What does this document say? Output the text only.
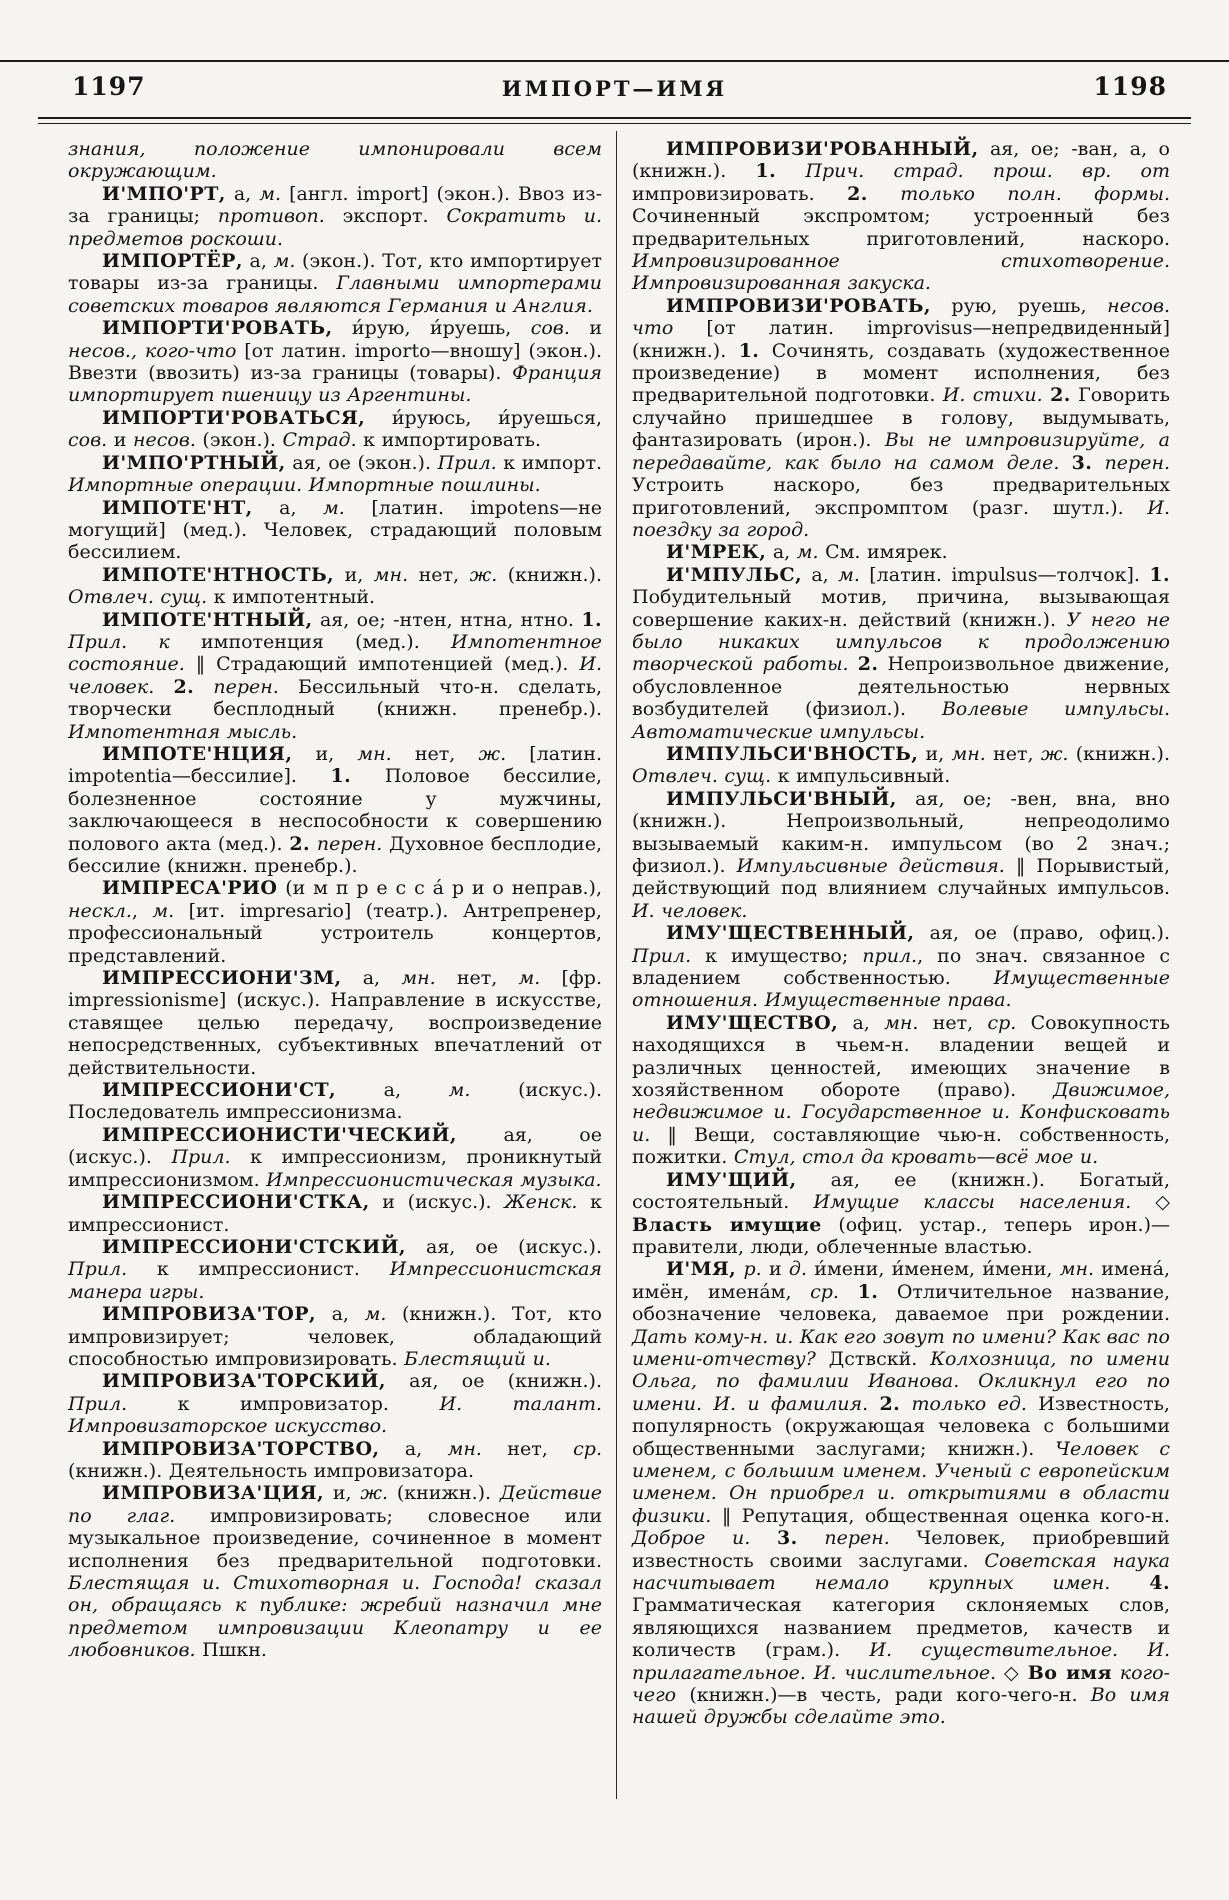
1197	ИМПОРТ—ИМЯ	1198

знания, положение импонировали всем окружающим.

И'МПО'РТ, а, м. [англ. import] (экон.). Ввоз из-за границы; противоп. экспорт. Сократить и. предметов роскоши.

ИМПОРТЁР, а, м. (экон.). Тот, кто импортирует товары из-за границы. Главными импортерами советских товаров являются Германия и Англия.

ИМПОРТИ'РОВАТЬ, и́рую, и́руешь, сов. и несов., кого-что [от латин. importo—вношу] (экон.). Ввезти (ввозить) из-за границы (товары). Франция импортирует пшеницу из Аргентины.

ИМПОРТИ'РОВАТЬСЯ, и́руюсь, и́руешься, сов. и несов. (экон.). Страд. к импортировать.

И'МПО'РТНЫЙ, ая, ое (экон.). Прил. к импорт. Импортные операции. Импортные пошлины.

ИМПОТЕ'НТ, а, м. [латин. impotens—не могущий] (мед.). Человек, страдающий половым бессилием.

ИМПОТЕ'НТНОСТЬ, и, мн. нет, ж. (книжн.). Отвлеч. сущ. к импотентный.

ИМПОТЕ'НТНЫЙ, ая, ое; -нтен, нтна, нтно. 1. Прил. к импотенция (мед.). Импотентное состояние. ‖ Страдающий импотенцией (мед.). И. человек. 2. перен. Бессильный что-н. сделать, творчески бесплодный (книжн. пренебр.). Импотентная мысль.

ИМПОТЕ'НЦИЯ, и, мн. нет, ж. [латин. impotentia—бессилие]. 1. Половое бессилие, болезненное состояние у мужчины, заключающееся в неспособности к совершению полового акта (мед.). 2. перен. Духовное бесплодие, бессилие (книжн. пренебр.).

ИМПРЕСА'РИО (и м п р е с с а́ р и о неправ.), нескл., м. [ит. impresario] (театр.). Антрепренер, профессиональный устроитель концертов, представлений.

ИМПРЕССИОНИ'ЗМ, а, мн. нет, м. [фр. impressionisme] (искус.). Направление в искусстве, ставящее целью передачу, воспроизведение непосредственных, субъективных впечатлений от действительности.

ИМПРЕССИОНИ'СТ, а, м. (искус.). Последователь импрессионизма.

ИМПРЕССИОНИСТИ'ЧЕСКИЙ, ая, ое (искус.). Прил. к импрессионизм, проникнутый импрессионизмом. Импрессионистическая музыка.

ИМПРЕССИОНИ'СТКА, и (искус.). Женск. к импрессионист.

ИМПРЕССИОНИ'СТСКИЙ, ая, ое (искус.). Прил. к импрессионист. Импрессионистская манера игры.

ИМПРОВИЗА'ТОР, а, м. (книжн.). Тот, кто импровизирует; человек, обладающий способностью импровизировать. Блестящий и.

ИМПРОВИЗА'ТОРСКИЙ, ая, ое (книжн.). Прил. к импровизатор. И. талант. Импровизаторское искусство.

ИМПРОВИЗА'ТОРСТВО, а, мн. нет, ср. (книжн.). Деятельность импровизатора.

ИМПРОВИЗА'ЦИЯ, и, ж. (книжн.). Действие по глаг. импровизировать; словесное или музыкальное произведение, сочиненное в момент исполнения без предварительной подготовки. Блестящая и. Стихотворная и. Господа! сказал он, обращаясь к публике: жребий назначил мне предметом импровизации Клеопатру и ее любовников. Пшкн.

ИМПРОВИЗИ'РОВАННЫЙ, ая, ое; -ван, а, о (книжн.). 1. Прич. страд. прош. вр. от импровизировать. 2. только полн. формы. Сочиненный экспромтом; устроенный без предварительных приготовлений, наскоро. Импровизированное стихотворение. Импровизированная закуска.

ИМПРОВИЗИ'РОВАТЬ, рую, руешь, несов. что [от латин. improvisus—непредвиденный] (книжн.). 1. Сочинять, создавать (художественное произведение) в момент исполнения, без предварительной подготовки. И. стихи. 2. Говорить случайно пришедшее в голову, выдумывать, фантазировать (ирон.). Вы не импровизируйте, а передавайте, как было на самом деле. 3. перен. Устроить наскоро, без предварительных приготовлений, экспромптом (разг. шутл.). И. поездку за город.

И'МРЕК, а, м. См. имярек.

И'МПУЛЬС, а, м. [латин. impulsus—толчок]. 1. Побудительный мотив, причина, вызывающая совершение каких-н. действий (книжн.). У него не было никаких импульсов к продолжению творческой работы. 2. Непроизвольное движение, обусловленное деятельностью нервных возбудителей (физиол.). Волевые импульсы. Автоматические импульсы.

ИМПУЛЬСИ'ВНОСТЬ, и, мн. нет, ж. (книжн.). Отвлеч. сущ. к импульсивный.

ИМПУЛЬСИ'ВНЫЙ, ая, ое; -вен, вна, вно (книжн.). Непроизвольный, непреодолимо вызываемый каким-н. импульсом (во 2 знач.; физиол.). Импульсивные действия. ‖ Порывистый, действующий под влиянием случайных импульсов. И. человек.

ИМУ'ЩЕСТВЕННЫЙ, ая, ое (право, офиц.). Прил. к имущество; прил., по знач. связанное с владением собственностью. Имущественные отношения. Имущественные права.

ИМУ'ЩЕСТВО, а, мн. нет, ср. Совокупность находящихся в чьем-н. владении вещей и различных ценностей, имеющих значение в хозяйственном обороте (право). Движимое, недвижимое и. Государственное и. Конфисковать и. ‖ Вещи, составляющие чью-н. собственность, пожитки. Стул, стол да кровать—всё мое и.

ИМУ'ЩИЙ, ая, ее (книжн.). Богатый, состоятельный. Имущие классы населения. ◇ Власть имущие (офиц. устар., теперь ирон.)—правители, люди, облеченные властью.

И'МЯ, р. и д. и́мени, и́менем, и́мени, мн. имена́, имён, имена́м, ср. 1. Отличительное название, обозначение человека, даваемое при рождении. Дать кому-н. и. Как его зовут по имени? Как вас по имени-отчеству? Дствскй. Колхозница, по имени Ольга, по фамилии Иванова. Окликнул его по имени. И. и фамилия. 2. только ед. Известность, популярность (окружающая человека с большими общественными заслугами; книжн.). Человек с именем, с большим именем. Ученый с европейским именем. Он приобрел и. открытиями в области физики. ‖ Репутация, общественная оценка кого-н. Доброе и. 3. перен. Человек, приобревший известность своими заслугами. Советская наука насчитывает немало крупных имен. 4. Грамматическая категория склоняемых слов, являющихся названием предметов, качеств и количеств (грам.). И. существительное. И. прилагательное. И. числительное. ◇ Во имя кого-чего (книжн.)—в честь, ради кого-чего-н. Во имя нашей дружбы сделайте это.
